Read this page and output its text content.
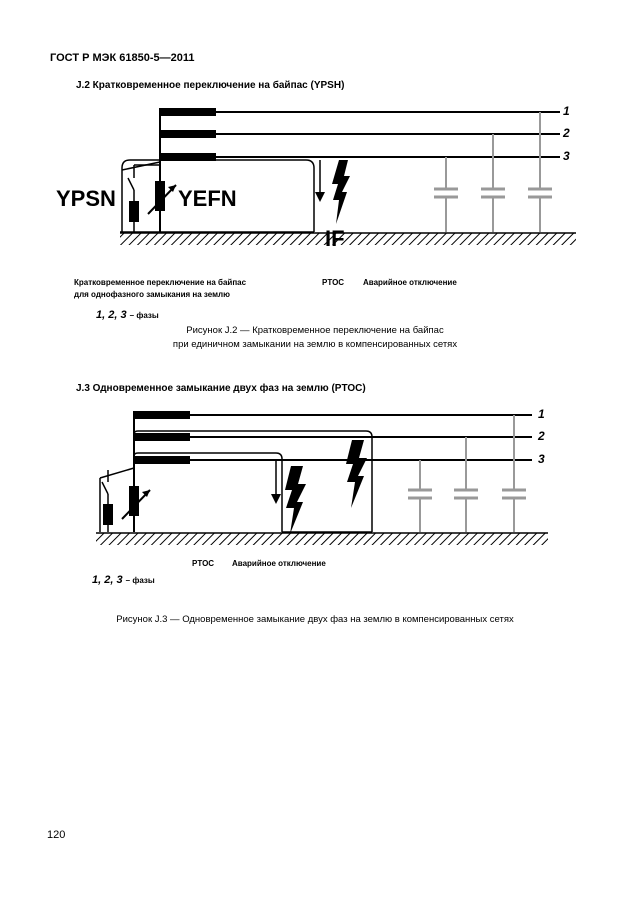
ГОСТ Р МЭК 61850-5—2011
J.2 Кратковременное переключение на байпас (YPSH)
1
2
3
YPSN	YEFN
IF
Кратковременное переключение на байпас
для однофазного замыкания на землю
PTOC Аварийное отключение
1, 2, 3 – фазы
Рисунок J.2 — Кратковременное переключение на байпас
при единичном замыкании на землю в компенсированных сетях
J.3 Одновременное замыкание двух фаз на землю (PTOC)
1
2
3
PTOC Аварийное отключение
1, 2, 3 – фазы
Рисунок J.3 — Одновременное замыкание двух фаз на землю в компенсированных сетях
120
